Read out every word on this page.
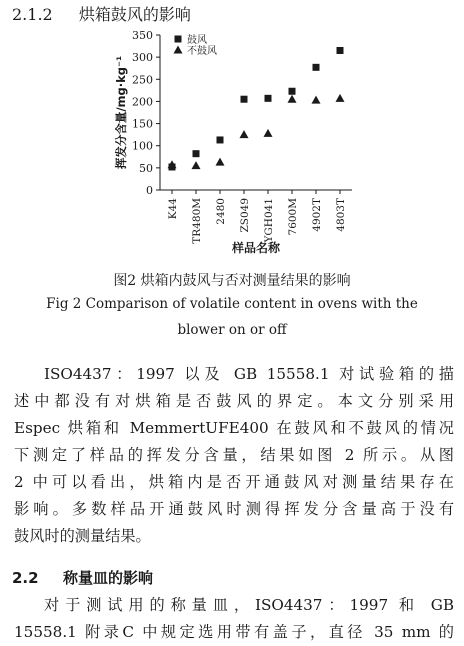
2.1.2 烘箱鼓风的影响
0
50
100
150
200
250
300
350
K44 TR480M 2480 ZS049 YGH041 7600M 4902T 4803T
样品名称
挥发分含量/mg·kg⁻¹
鼓风
不鼓风
图2 烘箱内鼓风与否对测量结果的影响
Fig 2 Comparison of volatile content in ovens with the
blower on or off
ISO4437：1997 以及 GB 15558.1 对试验箱的描
述中都没有对烘箱是否鼓风的界定。本文分别采用
Espec 烘箱和 MemmertUFE400 在鼓风和不鼓风的情况
下测定了样品的挥发分含量，结果如图 2 所示。从图
2 中可以看出，烘箱内是否开通鼓风对测量结果存在
影响。多数样品开通鼓风时测得挥发分含量高于没有
鼓风时的测量结果。
2.2 称量皿的影响
对于测试用的称量皿，ISO4437：1997 和 GB
15558.1 附录C 中规定选用带有盖子，直径 35 mm 的
